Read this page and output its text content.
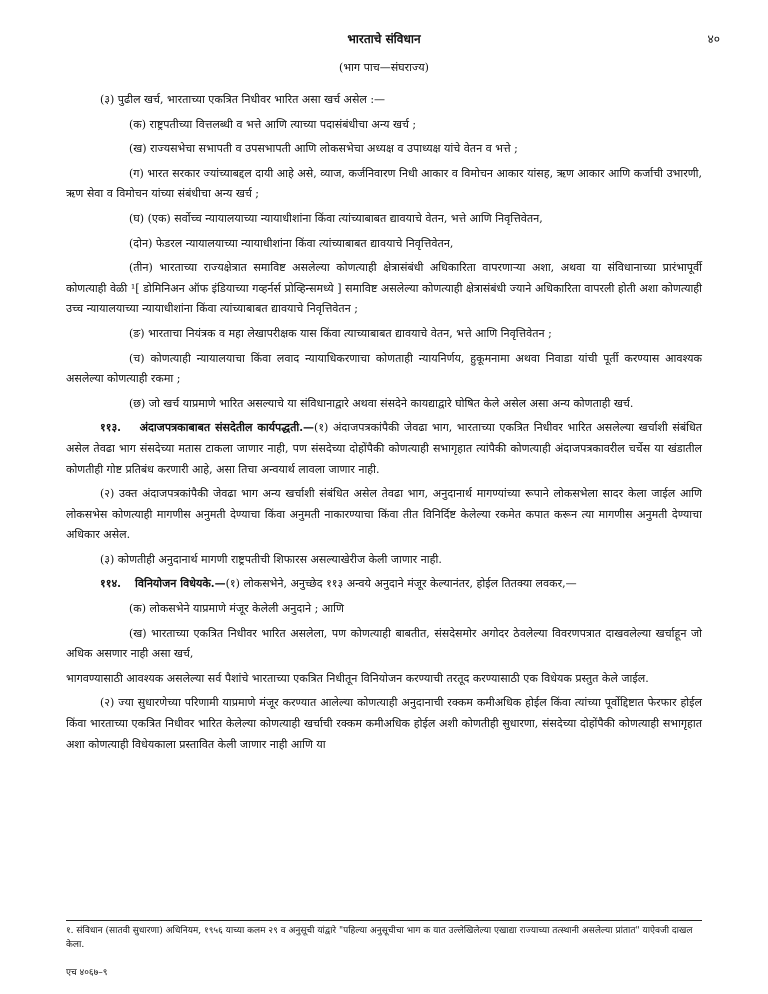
भारताचे संविधान	४०
(भाग पाच—संघराज्य)

(३) पुढील खर्च, भारताच्या एकत्रित निधीवर भारित असा खर्च असेल :—

(क) राष्ट्रपतीच्या वित्तलब्धी व भत्ते आणि त्याच्या पदासंबंधीचा अन्य खर्च ;

(ख) राज्यसभेचा सभापती व उपसभापती आणि लोकसभेचा अध्यक्ष व उपाध्यक्ष यांचे वेतन व भत्ते ;

(ग) भारत सरकार ज्यांच्याबद्दल दायी आहे असे, व्याज, कर्जनिवारण निधी आकार व विमोचन आकार यांसह, ऋण आकार आणि कर्जाची उभारणी, ऋण सेवा व विमोचन यांच्या संबंधीचा अन्य खर्च ;

(घ) (एक) सर्वोच्च न्यायालयाच्या न्यायाधीशांना किंवा त्यांच्याबाबत द्यावयाचे वेतन, भत्ते आणि निवृत्तिवेतन,

(दोन) फेडरल न्यायालयाच्या न्यायाधीशांना किंवा त्यांच्याबाबत द्यावयाचे निवृत्तिवेतन,

(तीन) भारताच्या राज्यक्षेत्रात समाविष्ट असलेल्या कोणत्याही क्षेत्रासंबंधी अधिकारिता वापरणाऱ्या अशा, अथवा या संविधानाच्या प्रारंभापूर्वी कोणत्याही वेळी ¹[ डोमिनिअन ऑफ इंडियाच्या गव्हर्नर्स प्रोव्हिन्समध्ये ] समाविष्ट असलेल्या कोणत्याही क्षेत्रासंबंधी ज्याने अधिकारिता वापरली होती अशा कोणत्याही उच्च न्यायालयाच्या न्यायाधीशांना किंवा त्यांच्याबाबत द्यावयाचे निवृत्तिवेतन ;

(ङ) भारताचा नियंत्रक व महा लेखापरीक्षक यास किंवा त्याच्याबाबत द्यावयाचे वेतन, भत्ते आणि निवृत्तिवेतन ;

(च) कोणत्याही न्यायालयाचा किंवा लवाद न्यायाधिकरणाचा कोणताही न्यायनिर्णय, हुकूमनामा अथवा निवाडा यांची पूर्ती करण्यास आवश्यक असलेल्या कोणत्याही रकमा ;

(छ) जो खर्च याप्रमाणे भारित असल्याचे या संविधानाद्वारे अथवा संसदेने कायद्याद्वारे घोषित केले असेल असा अन्य कोणताही खर्च.

११३. अंदाजपत्रकाबाबत संसदेतील कार्यपद्धती.—(१) अंदाजपत्रकांपैकी जेवढा भाग, भारताच्या एकत्रित निधीवर भारित असलेल्या खर्चाशी संबंधित असेल तेवढा भाग संसदेच्या मतास टाकला जाणार नाही, पण संसदेच्या दोहोंपैकी कोणत्याही सभागृहात त्यांपैकी कोणत्याही अंदाजपत्रकावरील चर्चेस या खंडातील कोणतीही गोष्ट प्रतिबंध करणारी आहे, असा तिचा अन्वयार्थ लावला जाणार नाही.

(२) उक्त अंदाजपत्रकांपैकी जेवढा भाग अन्य खर्चाशी संबंधित असेल तेवढा भाग, अनुदानार्थ मागण्यांच्या रूपाने लोकसभेला सादर केला जाईल आणि लोकसभेस कोणत्याही मागणीस अनुमती देण्याचा किंवा अनुमती नाकारण्याचा किंवा तीत विनिर्दिष्ट केलेल्या रकमेत कपात करून त्या मागणीस अनुमती देण्याचा अधिकार असेल.

(३) कोणतीही अनुदानार्थ मागणी राष्ट्रपतीची शिफारस असल्याखेरीज केली जाणार नाही.

११४. विनियोजन विधेयके.—(१) लोकसभेने, अनुच्छेद ११३ अन्वये अनुदाने मंजूर केल्यानंतर, होईल तितक्या लवकर,—

(क) लोकसभेने याप्रमाणे मंजूर केलेली अनुदाने ; आणि

(ख) भारताच्या एकत्रित निधीवर भारित असलेला, पण कोणत्याही बाबतीत, संसदेसमोर अगोदर ठेवलेल्या विवरणपत्रात दाखवलेल्या खर्चाहून जो अधिक असणार नाही असा खर्च,

भागवण्यासाठी आवश्यक असलेल्या सर्व पैशांचे भारताच्या एकत्रित निधीतून विनियोजन करण्याची तरतूद करण्यासाठी एक विधेयक प्रस्तुत केले जाईल.

(२) ज्या सुधारणेच्या परिणामी याप्रमाणे मंजूर करण्यात आलेल्या कोणत्याही अनुदानाची रक्कम कमीअधिक होईल किंवा त्यांच्या पूर्वोद्दिष्टात फेरफार होईल किंवा भारताच्या एकत्रित निधीवर भारित केलेल्या कोणत्याही खर्चाची रक्कम कमीअधिक होईल अशी कोणतीही सुधारणा, संसदेच्या दोहोंपैकी कोणत्याही सभागृहात अशा कोणत्याही विधेयकाला प्रस्तावित केली जाणार नाही आणि या

१. संविधान (सातवी सुधारणा) अधिनियम, १९५६ याच्या कलम २९ व अनुसूची यांद्वारे "पहिल्या अनुसूचीचा भाग क यात उल्लेखिलेल्या एखाद्या राज्याच्या तत्स्थानी असलेल्या प्रांतात" याऐवजी दाखल केला.

एच ४०६७–९
